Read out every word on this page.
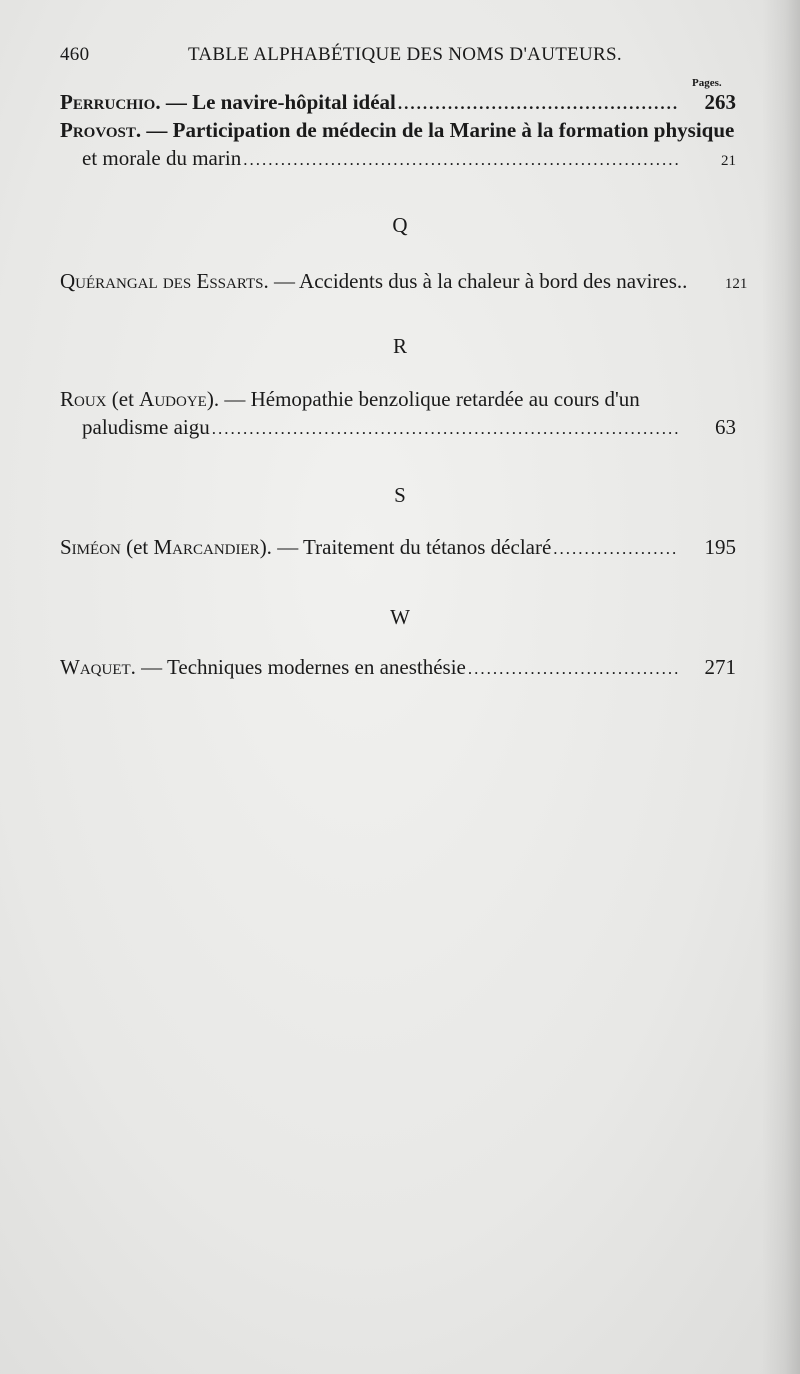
460	TABLE ALPHABÉTIQUE DES NOMS D'AUTEURS.
Pages.
Perruchio. — Le navire-hôpital idéal .....	263
Provost. — Participation de médecin de la Marine à la formation physique
et morale du marin .....	21
Q
Quérangal des Essarts. — Accidents dus à la chaleur à bord des navires..	121
R
Roux (et Audoye). — Hémopathie benzolique retardée au cours d'un
paludisme aigu .....	63
S
Siméon (et Marcandier). — Traitement du tétanos déclaré .....	195
W
Waquet. — Techniques modernes en anesthésie .....	271
